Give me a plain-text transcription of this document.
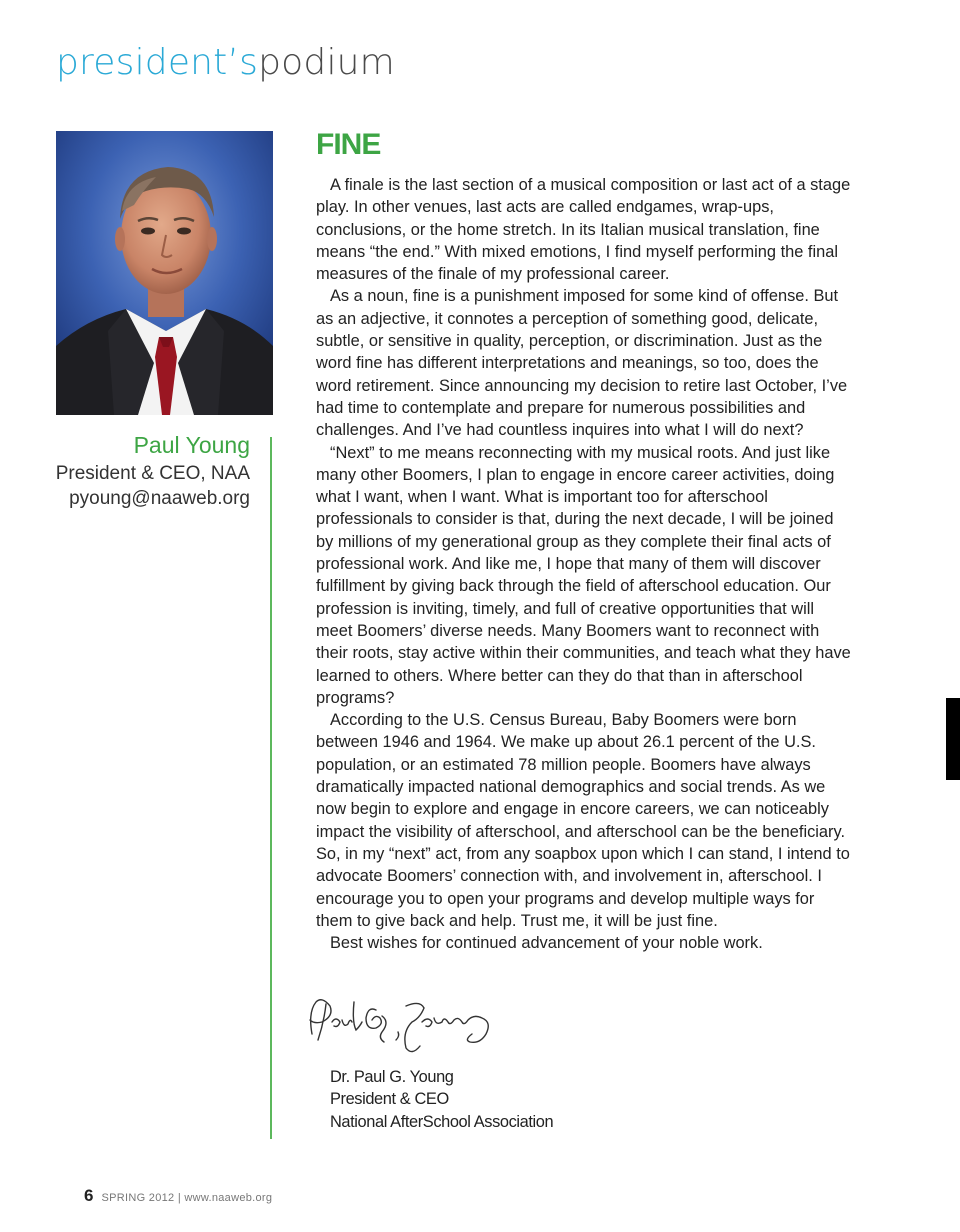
president’spodium
Paul Young
President & CEO, NAA
pyoung@naaweb.org
FINE

A finale is the last section of a musical composition or last act of a stage play. In other venues, last acts are called endgames, wrap-ups, conclusions, or the home stretch. In its Italian musical translation, fine means “the end.” With mixed emotions, I find myself performing the final measures of the finale of my professional career.

As a noun, fine is a punishment imposed for some kind of offense. But as an adjective, it connotes a perception of something good, delicate, subtle, or sensitive in quality, perception, or discrimination. Just as the word fine has different interpretations and meanings, so too, does the word retirement. Since announcing my decision to retire last October, I’ve had time to contemplate and prepare for numerous possibilities and challenges. And I’ve had countless inquires into what I will do next?

“Next” to me means reconnecting with my musical roots. And just like many other Boomers, I plan to engage in encore career activities, doing what I want, when I want. What is important too for afterschool professionals to consider is that, during the next decade, I will be joined by millions of my generational group as they complete their final acts of professional work. And like me, I hope that many of them will discover fulfillment by giving back through the field of afterschool education. Our profession is inviting, timely, and full of creative opportunities that will meet Boomers’ diverse needs. Many Boomers want to reconnect with their roots, stay active within their communities, and teach what they have learned to others. Where better can they do that than in afterschool programs?

According to the U.S. Census Bureau, Baby Boomers were born between 1946 and 1964. We make up about 26.1 percent of the U.S. population, or an estimated 78 million people. Boomers have always dramatically impacted national demographics and social trends. As we now begin to explore and engage in encore careers, we can noticeably impact the visibility of afterschool, and afterschool can be the beneficiary. So, in my “next” act, from any soapbox upon which I can stand, I intend to advocate Boomers’ connection with, and involvement in, afterschool. I encourage you to open your programs and develop multiple ways for them to give back and help. Trust me, it will be just fine.

Best wishes for continued advancement of your noble work.

Dr. Paul G. Young
President & CEO
National AfterSchool Association
6 SPRING 2012 | www.naaweb.org
